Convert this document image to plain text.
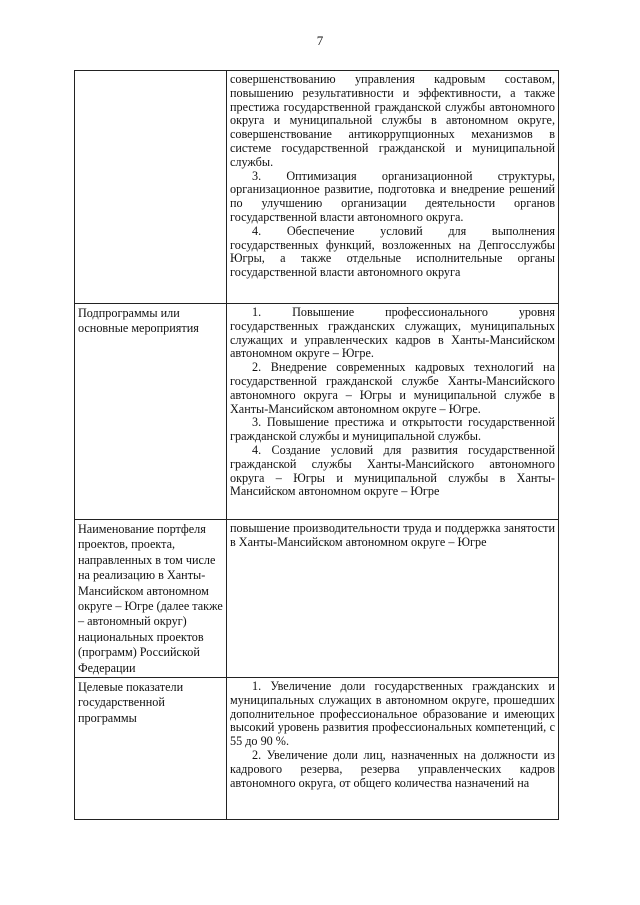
7

	совершенствованию управления кадровым составом, повышению результативности и эффективности, а также престижа государственной гражданской службы автономного округа и муниципальной службы в автономном округе, совершенствование антикоррупционных механизмов в системе государственной гражданской и муниципальной службы.

3. Оптимизация организационной структуры, организационное развитие, подготовка и внедрение решений по улучшению организации деятельности органов государственной власти автономного округа.

4. Обеспечение условий для выполнения государственных функций, возложенных на Депгосслужбы Югры, а также отдельные исполнительные органы государственной власти автономного округа

Подпрограммы или основные мероприятия	1. Повышение профессионального уровня государственных гражданских служащих, муниципальных служащих и управленческих кадров в Ханты-Мансийском автономном округе – Югре.

2. Внедрение современных кадровых технологий на государственной гражданской службе Ханты-Мансийского автономного округа – Югры и муниципальной службе в Ханты-Мансийском автономном округе – Югре.

3. Повышение престижа и открытости государственной гражданской службы и муниципальной службы.

4. Создание условий для развития государственной гражданской службы Ханты-Мансийского автономного округа – Югры и муниципальной службы в Ханты-Мансийском автономном округе – Югре

Наименование портфеля проектов, проекта, направленных в том числе на реализацию в Ханты-Мансийском автономном округе – Югре (далее также – автономный округ) национальных проектов (программ) Российской Федерации	повышение производительности труда и поддержка занятости в Ханты-Мансийском автономном округе – Югре

Целевые показатели государственной программы	1. Увеличение доли государственных гражданских и муниципальных служащих в автономном округе, прошедших дополнительное профессиональное образование и имеющих высокий уровень развития профессиональных компетенций, с 55 до 90 %.

2. Увеличение доли лиц, назначенных на должности из кадрового резерва, резерва управленческих кадров автономного округа, от общего количества назначений на
